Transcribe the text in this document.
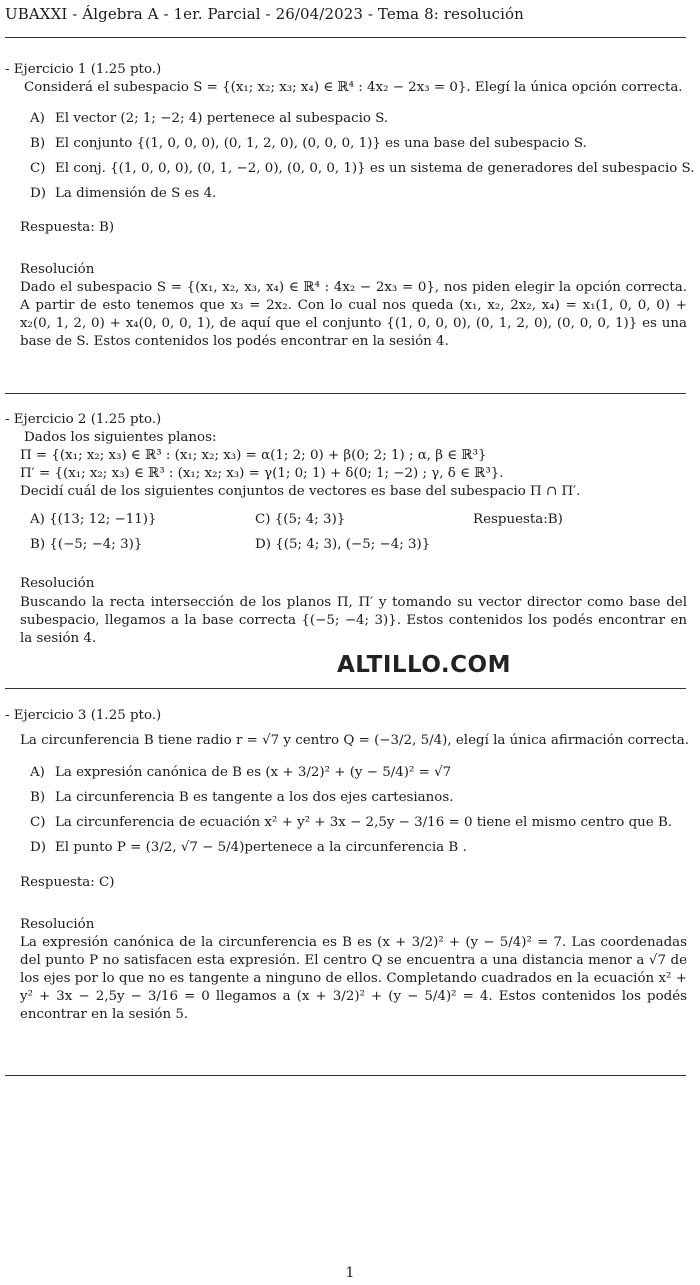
UBAXXI - Álgebra A - 1er. Parcial - 26/04/2023 - Tema 8: resolución
- Ejercicio 1 (1.25 pto.)
Considerá el subespacio S = {(x₁; x₂; x₃; x₄) ∈ ℝ⁴ : 4x₂ − 2x₃ = 0}. Elegí la única opción correcta.
A) El vector (2; 1; −2; 4) pertenece al subespacio S.
B) El conjunto {(1, 0, 0, 0), (0, 1, 2, 0), (0, 0, 0, 1)} es una base del subespacio S.
C) El conj. {(1, 0, 0, 0), (0, 1, −2, 0), (0, 0, 0, 1)} es un sistema de generadores del subespacio S.
D) La dimensión de S es 4.
Respuesta: B)
Resolución
Dado el subespacio S = {(x₁, x₂, x₃, x₄) ∈ ℝ⁴ : 4x₂ − 2x₃ = 0}, nos piden elegir la opción correcta. A partir de esto tenemos que x₃ = 2x₂. Con lo cual nos queda (x₁, x₂, 2x₂, x₄) = x₁(1, 0, 0, 0) + x₂(0, 1, 2, 0) + x₄(0, 0, 0, 1), de aquí que el conjunto {(1, 0, 0, 0), (0, 1, 2, 0), (0, 0, 0, 1)} es una base de S. Estos contenidos los podés encontrar en la sesión 4.
- Ejercicio 2 (1.25 pto.)
Dados los siguientes planos:
Π = {(x₁; x₂; x₃) ∈ ℝ³ : (x₁; x₂; x₃) = α(1; 2; 0) + β(0; 2; 1) ; α, β ∈ ℝ³}
Π′ = {(x₁; x₂; x₃) ∈ ℝ³ : (x₁; x₂; x₃) = γ(1; 0; 1) + δ(0; 1; −2) ; γ, δ ∈ ℝ³}.
Decidí cuál de los siguientes conjuntos de vectores es base del subespacio Π ∩ Π′.
A) {(13; 12; −11)}	C) {(5; 4; 3)}	Respuesta:B)
B) {(−5; −4; 3)}	D) {(5; 4; 3), (−5; −4; 3)}
Resolución
Buscando la recta intersección de los planos Π, Π′ y tomando su vector director como base del subespacio, llegamos a la base correcta {(−5; −4; 3)}. Estos contenidos los podés encontrar en la sesión 4.
ALTILLO.COM
- Ejercicio 3 (1.25 pto.)
La circunferencia B tiene radio r = √7 y centro Q = (−3/2, 5/4), elegí la única afirmación correcta.
A) La expresión canónica de B es (x + 3/2)² + (y − 5/4)² = √7
B) La circunferencia B es tangente a los dos ejes cartesianos.
C) La circunferencia de ecuación x² + y² + 3x − 2,5y − 3/16 = 0 tiene el mismo centro que B.
D) El punto P = (3/2, √7 − 5/4)pertenece a la circunferencia B .
Respuesta: C)
Resolución
La expresión canónica de la circunferencia es B es (x + 3/2)² + (y − 5/4)² = 7. Las coordenadas del punto P no satisfacen esta expresión. El centro Q se encuentra a una distancia menor a √7 de los ejes por lo que no es tangente a ninguno de ellos. Completando cuadrados en la ecuación x² + y² + 3x − 2,5y − 3/16 = 0 llegamos a (x + 3/2)² + (y − 5/4)² = 4. Estos contenidos los podés encontrar en la sesión 5.
1
